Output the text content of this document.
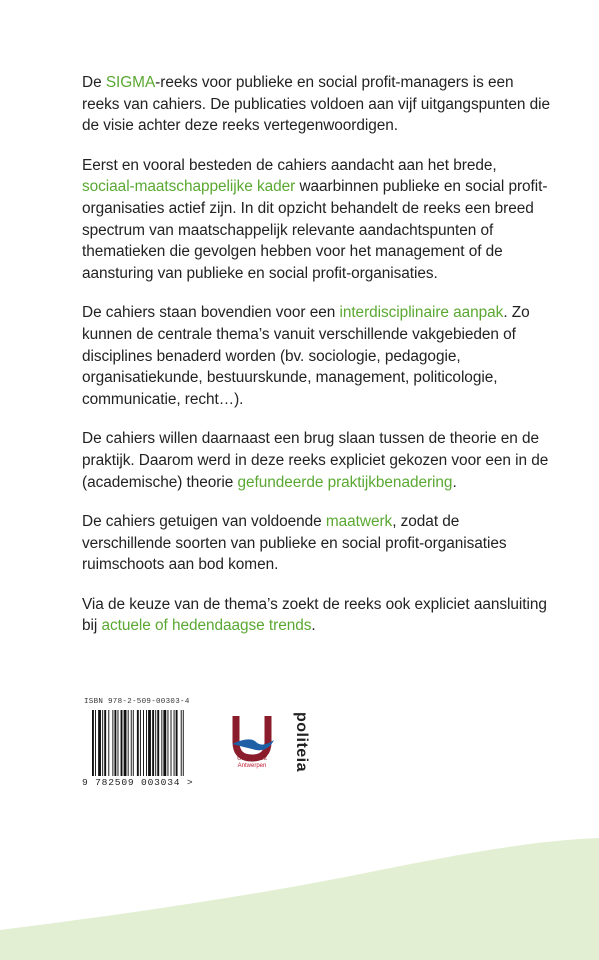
De SIGMA-reeks voor publieke en social profit-managers is een reeks van cahiers. De publicaties voldoen aan vijf uitgangspunten die de visie achter deze reeks vertegenwoordigen.

Eerst en vooral besteden de cahiers aandacht aan het brede, sociaal-maatschappelijke kader waarbinnen publieke en social profit-organisaties actief zijn. In dit opzicht behandelt de reeks een breed spectrum van maatschappelijk relevante aandachtspunten of thematieken die gevolgen hebben voor het management of de aansturing van publieke en social profit-organisaties.

De cahiers staan bovendien voor een interdisciplinaire aanpak. Zo kunnen de centrale thema’s vanuit verschillende vakgebieden of disciplines benaderd worden (bv. sociologie, pedagogie, organisatiekunde, bestuurskunde, management, politicologie, communicatie, recht…).

De cahiers willen daarnaast een brug slaan tussen de theorie en de praktijk. Daarom werd in deze reeks expliciet gekozen voor een in de (academische) theorie gefundeerde praktijkbenadering.

De cahiers getuigen van voldoende maatwerk, zodat de verschillende soorten van publieke en social profit-organisaties ruimschoots aan bod komen.

Via de keuze van de thema’s zoekt de reeks ook expliciet aansluiting bij actuele of hedendaagse trends.

ISBN 978-2-509-00303-4
9 782509 003034 >
Universiteit
Antwerpen	politeia
